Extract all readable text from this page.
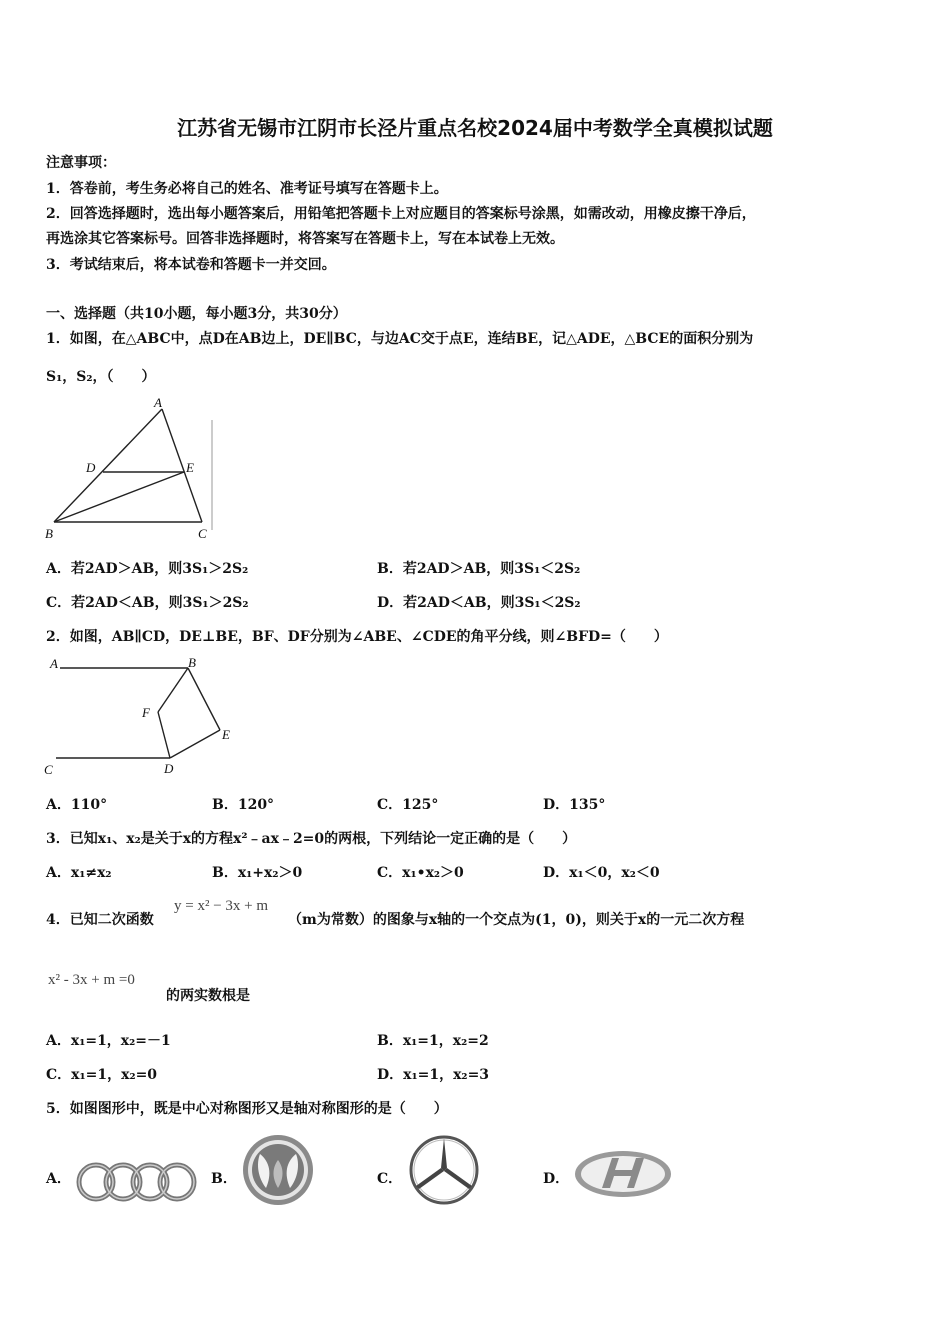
江苏省无锡市江阴市长泾片重点名校2024届中考数学全真模拟试题
注意事项：
1．答卷前，考生务必将自己的姓名、准考证号填写在答题卡上。
2．回答选择题时，选出每小题答案后，用铅笔把答题卡上对应题目的答案标号涂黑，如需改动，用橡皮擦干净后，
再选涂其它答案标号。回答非选择题时，将答案写在答题卡上，写在本试卷上无效。
3．考试结束后，将本试卷和答题卡一并交回。
一、选择题（共10小题，每小题3分，共30分）
1．如图，在△ABC中，点D在AB边上，DE∥BC，与边AC交于点E，连结BE，记△ADE，△BCE的面积分别为
S₁，S₂，（　　）
A
D	E
B	C
A．若2AD＞AB，则3S₁＞2S₂	B．若2AD＞AB，则3S₁＜2S₂
C．若2AD＜AB，则3S₁＞2S₂	D．若2AD＜AB，则3S₁＜2S₂
2．如图，AB∥CD，DE⊥BE，BF、DF分别为∠ABE、∠CDE的角平分线，则∠BFD=（　　）
A	B
F
E
C	D
A．110°	B．120°	C．125°	D．135°
3．已知x₁、x₂是关于x的方程x²﹣ax﹣2=0的两根，下列结论一定正确的是（　　）
A．x₁≠x₂	B．x₁+x₂＞0	C．x₁•x₂＞0	D．x₁＜0，x₂＜0
4．已知二次函数
y = x² − 3x + m
（m为常数）的图象与x轴的一个交点为(1，0)，则关于x的一元二次方程
x² - 3x + m =0
的两实数根是
A．x₁=1，x₂=－1	B．x₁=1，x₂=2
C．x₁=1，x₂=0	D．x₁=1，x₂=3
5．如图图形中，既是中心对称图形又是轴对称图形的是（　　）
A．	B．	C．	D．
